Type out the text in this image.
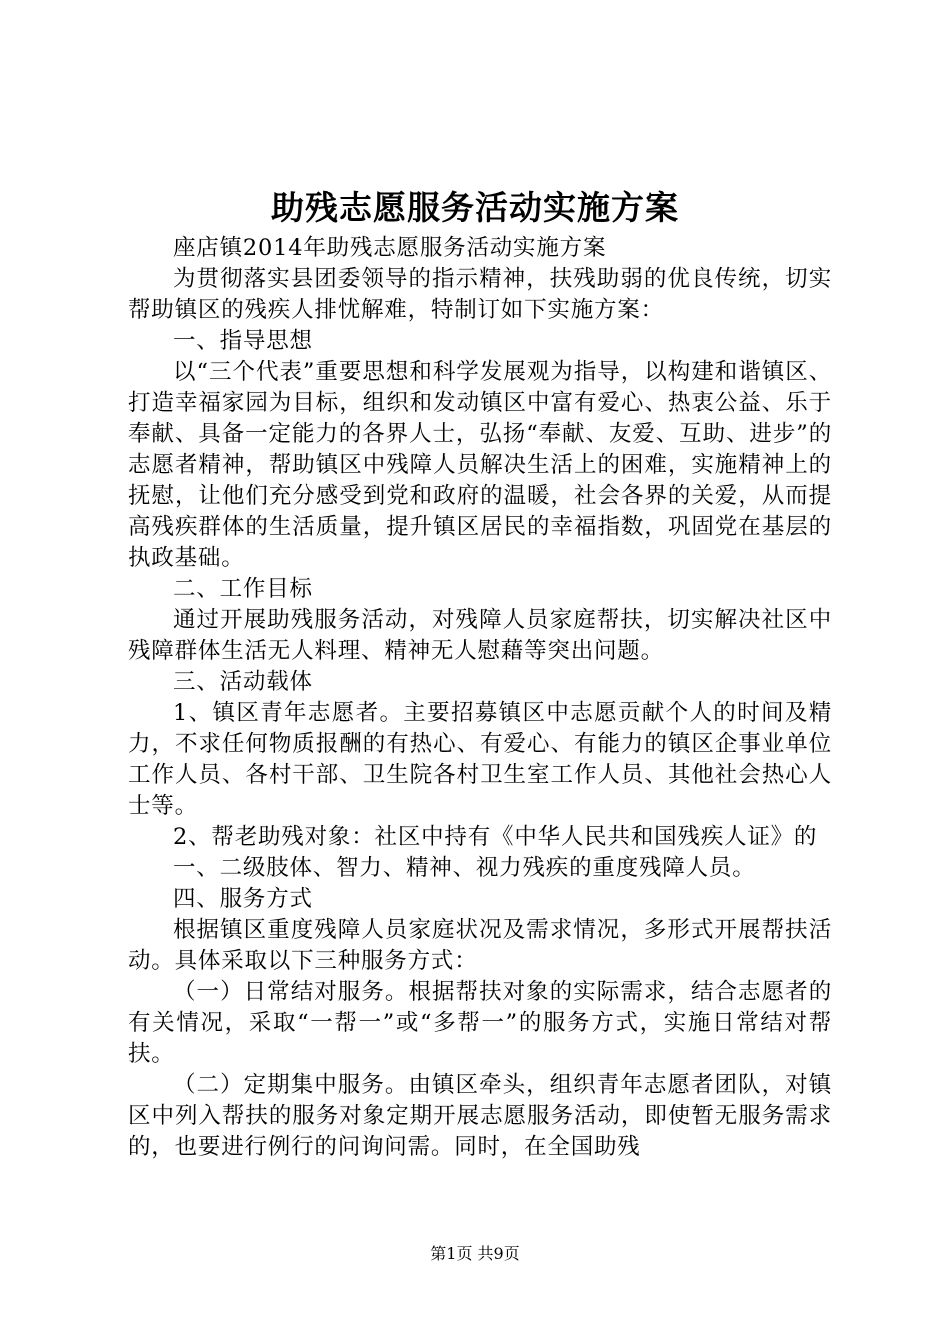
助残志愿服务活动实施方案

座店镇2014年助残志愿服务活动实施方案

为贯彻落实县团委领导的指示精神，扶残助弱的优良传统，切实帮助镇区的残疾人排忧解难，特制订如下实施方案：

一、指导思想

以“三个代表”重要思想和科学发展观为指导，以构建和谐镇区、打造幸福家园为目标，组织和发动镇区中富有爱心、热衷公益、乐于奉献、具备一定能力的各界人士，弘扬“奉献、友爱、互助、进步”的志愿者精神，帮助镇区中残障人员解决生活上的困难，实施精神上的抚慰，让他们充分感受到党和政府的温暖，社会各界的关爱，从而提高残疾群体的生活质量，提升镇区居民的幸福指数，巩固党在基层的执政基础。

二、工作目标

通过开展助残服务活动，对残障人员家庭帮扶，切实解决社区中残障群体生活无人料理、精神无人慰藉等突出问题。

三、活动载体

1、镇区青年志愿者。主要招募镇区中志愿贡献个人的时间及精力，不求任何物质报酬的有热心、有爱心、有能力的镇区企事业单位工作人员、各村干部、卫生院各村卫生室工作人员、其他社会热心人士等。

2、帮老助残对象：社区中持有《中华人民共和国残疾人证》的

一、二级肢体、智力、精神、视力残疾的重度残障人员。

四、服务方式

根据镇区重度残障人员家庭状况及需求情况，多形式开展帮扶活动。具体采取以下三种服务方式：

（一）日常结对服务。根据帮扶对象的实际需求，结合志愿者的有关情况，采取“一帮一”或“多帮一”的服务方式，实施日常结对帮扶。

（二）定期集中服务。由镇区牵头，组织青年志愿者团队，对镇区中列入帮扶的服务对象定期开展志愿服务活动，即使暂无服务需求的，也要进行例行的问询问需。同时，在全国助残

第1页 共9页
